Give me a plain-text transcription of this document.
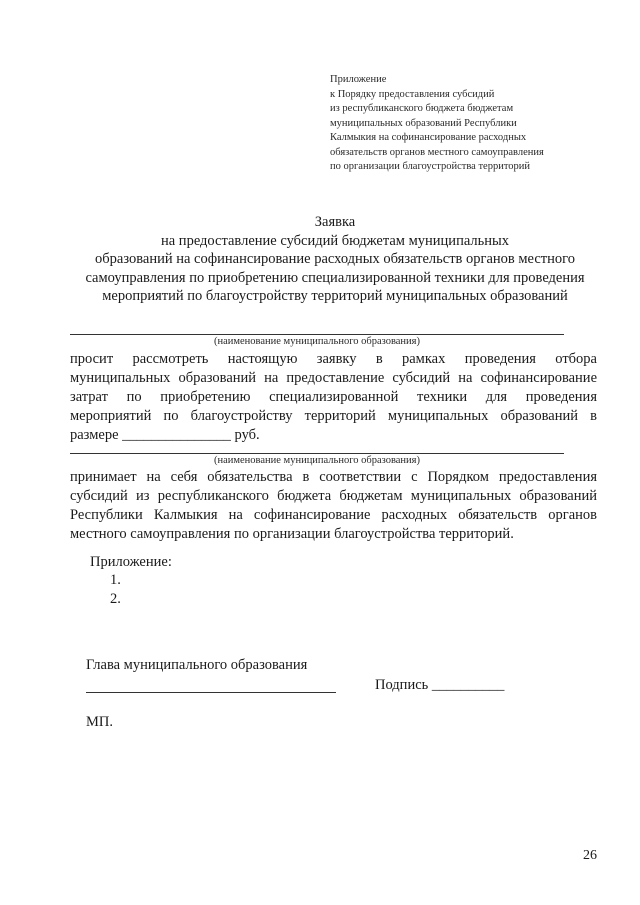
Приложение
к Порядку предоставления субсидий
из республиканского бюджета бюджетам
муниципальных образований Республики
Калмыкия на софинансирование расходных
обязательств органов местного самоуправления
по организации благоустройства территорий
Заявка
на предоставление субсидий бюджетам муниципальных
образований на софинансирование расходных обязательств органов местного
самоуправления по приобретению специализированной техники для проведения
мероприятий по благоустройству территорий муниципальных образований
(наименование муниципального образования)
просит рассмотреть настоящую заявку в рамках проведения отбора
муниципальных образований на предоставление субсидий на софинансирование
затрат по приобретению специализированной техники для проведения
мероприятий по благоустройству территорий муниципальных образований в
размере _______________ руб.
(наименование муниципального образования)
принимает на себя обязательства в соответствии с Порядком предоставления
субсидий из республиканского бюджета бюджетам муниципальных образований
Республики Калмыкия на софинансирование расходных обязательств органов
местного самоуправления по организации благоустройства территорий.
Приложение:
1.
2.
Глава муниципального образования
Подпись __________
МП.
26
